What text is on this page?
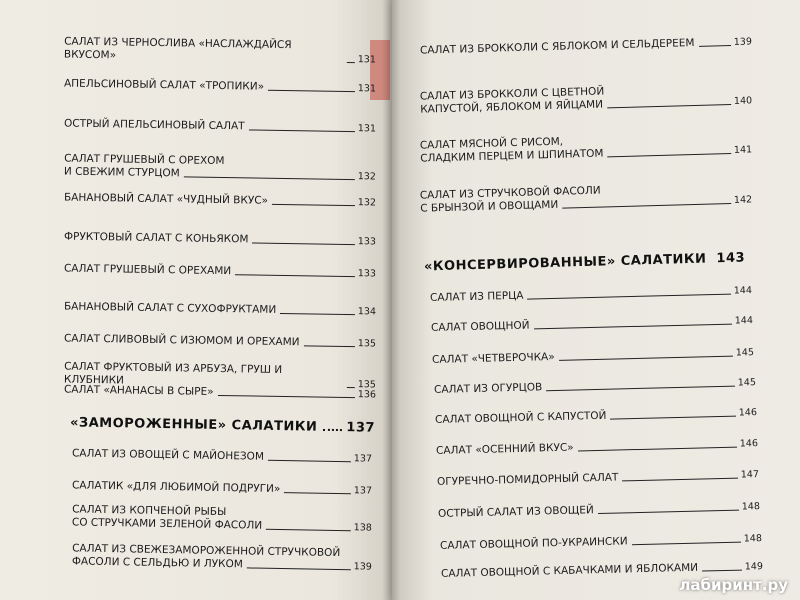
САЛАТ ИЗ ЧЕРНОСЛИВА «НАСЛАЖДАЙСЯ ВКУСОМ»	131
АПЕЛЬСИНОВЫЙ САЛАТ «ТРОПИКИ»	131
ОСТРЫЙ АПЕЛЬСИНОВЫЙ САЛАТ	131
САЛАТ ГРУШЕВЫЙ С ОРЕХОМ
И СВЕЖИМ СТУРЦОМ	132
БАНАНОВЫЙ САЛАТ «ЧУДНЫЙ ВКУС»	132
ФРУКТОВЫЙ САЛАТ С КОНЬЯКОМ	133
САЛАТ ГРУШЕВЫЙ С ОРЕХАМИ	133
БАНАНОВЫЙ САЛАТ С СУХОФРУКТАМИ	134
САЛАТ СЛИВОВЫЙ С ИЗЮМОМ И ОРЕХАМИ	135
САЛАТ ФРУКТОВЫЙ ИЗ АРБУЗА, ГРУШ И КЛУБНИКИ	135
САЛАТ «АНАНАСЫ В СЫРЕ»	136
«ЗАМОРОЖЕННЫЕ» САЛАТИКИ 137
САЛАТ ИЗ ОВОЩЕЙ С МАЙОНЕЗОМ	137
САЛАТИК «ДЛЯ ЛЮБИМОЙ ПОДРУГИ»	137
САЛАТ ИЗ КОПЧЕНОЙ РЫБЫ
СО СТРУЧКАМИ ЗЕЛЕНОЙ ФАСОЛИ	138
САЛАТ ИЗ СВЕЖЕЗАМОРОЖЕННОЙ СТРУЧКОВОЙ
ФАСОЛИ С СЕЛЬДЬЮ И ЛУКОМ	139
САЛАТ ИЗ БРОККОЛИ С ЯБЛОКОМ И СЕЛЬДЕРЕЕМ	139
САЛАТ ИЗ БРОККОЛИ С ЦВЕТНОЙ
КАПУСТОЙ, ЯБЛОКОМ И ЯЙЦАМИ	140
САЛАТ МЯСНОЙ С РИСОМ,
СЛАДКИМ ПЕРЦЕМ И ШПИНАТОМ	141
САЛАТ ИЗ СТРУЧКОВОЙ ФАСОЛИ
С БРЫНЗОЙ И ОВОЩАМИ	142
«КОНСЕРВИРОВАННЫЕ» САЛАТИКИ 143
САЛАТ ИЗ ПЕРЦА	144
САЛАТ ОВОЩНОЙ	144
САЛАТ «ЧЕТВЕРОЧКА»	145
САЛАТ ИЗ ОГУРЦОВ	145
САЛАТ ОВОЩНОЙ С КАПУСТОЙ	146
САЛАТ «ОСЕННИЙ ВКУС»	146
ОГУРЕЧНО-ПОМИДОРНЫЙ САЛАТ	147
ОСТРЫЙ САЛАТ ИЗ ОВОЩЕЙ	148
САЛАТ ОВОЩНОЙ ПО-УКРАИНСКИ	148
САЛАТ ОВОЩНОЙ С КАБАЧКАМИ И ЯБЛОКАМИ	149
лабиринт.ру
